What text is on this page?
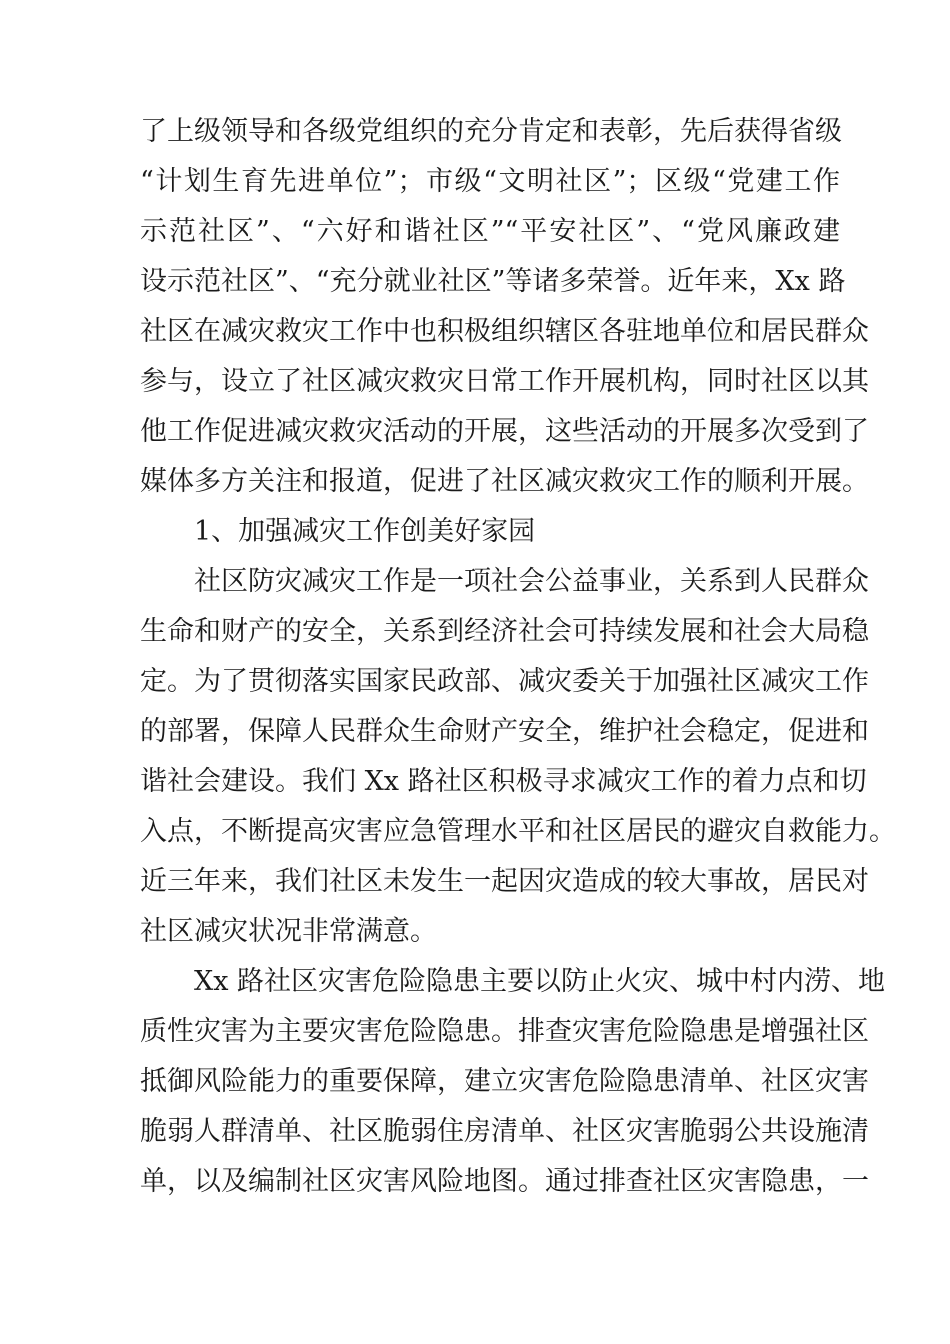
了上级领导和各级党组织的充分肯定和表彰，先后获得省级
“计划生育先进单位”；市级“文明社区”；区级“党建工作
示范社区”、“六好和谐社区”“平安社区”、“党风廉政建
设示范社区”、“充分就业社区”等诸多荣誉。近年来，Xx 路
社区在减灾救灾工作中也积极组织辖区各驻地单位和居民群众
参与，设立了社区减灾救灾日常工作开展机构，同时社区以其
他工作促进减灾救灾活动的开展，这些活动的开展多次受到了
媒体多方关注和报道，促进了社区减灾救灾工作的顺利开展。
1、加强减灾工作创美好家园
社区防灾减灾工作是一项社会公益事业，关系到人民群众
生命和财产的安全，关系到经济社会可持续发展和社会大局稳
定。为了贯彻落实国家民政部、减灾委关于加强社区减灾工作
的部署，保障人民群众生命财产安全，维护社会稳定，促进和
谐社会建设。我们 Xx 路社区积极寻求减灾工作的着力点和切
入点，不断提高灾害应急管理水平和社区居民的避灾自救能力。
近三年来，我们社区未发生一起因灾造成的较大事故，居民对
社区减灾状况非常满意。
Xx 路社区灾害危险隐患主要以防止火灾、城中村内涝、地
质性灾害为主要灾害危险隐患。排查灾害危险隐患是增强社区
抵御风险能力的重要保障，建立灾害危险隐患清单、社区灾害
脆弱人群清单、社区脆弱住房清单、社区灾害脆弱公共设施清
单，以及编制社区灾害风险地图。通过排查社区灾害隐患，一
